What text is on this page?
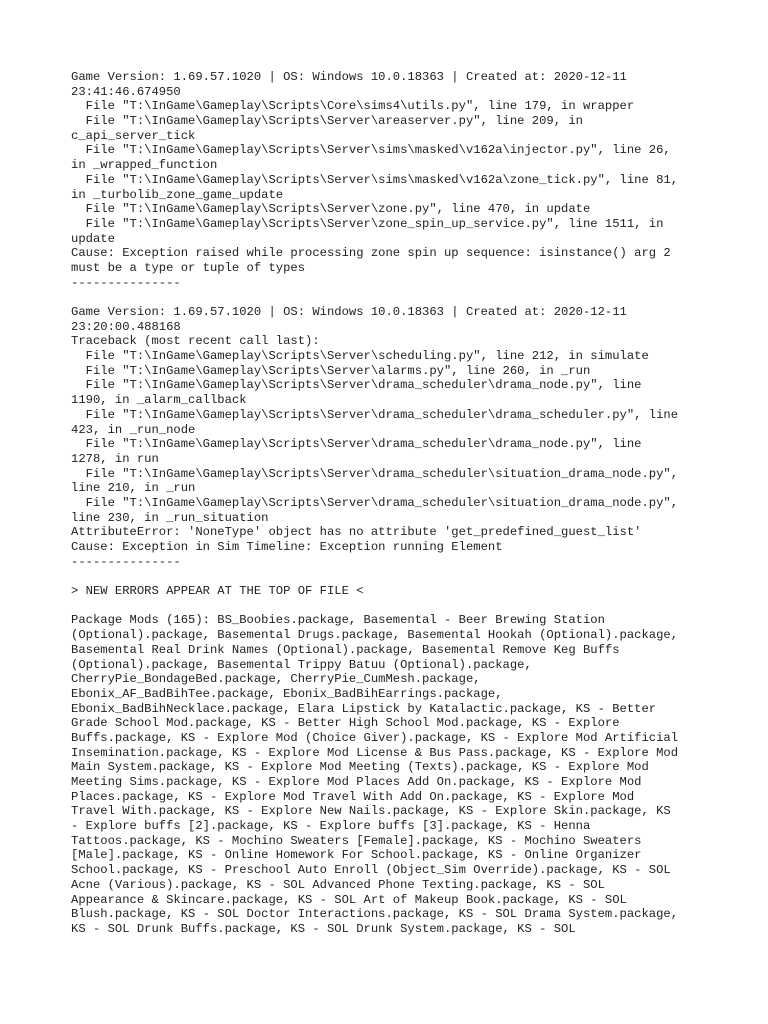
Game Version: 1.69.57.1020 | OS: Windows 10.0.18363 | Created at: 2020-12-11
23:41:46.674950
File "T:\InGame\Gameplay\Scripts\Core\sims4\utils.py", line 179, in wrapper
File "T:\InGame\Gameplay\Scripts\Server\areaserver.py", line 209, in
c_api_server_tick
File "T:\InGame\Gameplay\Scripts\Server\sims\masked\v162a\injector.py", line 26,
in _wrapped_function
File "T:\InGame\Gameplay\Scripts\Server\sims\masked\v162a\zone_tick.py", line 81,
in _turbolib_zone_game_update
File "T:\InGame\Gameplay\Scripts\Server\zone.py", line 470, in update
File "T:\InGame\Gameplay\Scripts\Server\zone_spin_up_service.py", line 1511, in
update
Cause: Exception raised while processing zone spin up sequence: isinstance() arg 2
must be a type or tuple of types
---------------
Game Version: 1.69.57.1020 | OS: Windows 10.0.18363 | Created at: 2020-12-11
23:20:00.488168
Traceback (most recent call last):
File "T:\InGame\Gameplay\Scripts\Server\scheduling.py", line 212, in simulate
File "T:\InGame\Gameplay\Scripts\Server\alarms.py", line 260, in _run
File "T:\InGame\Gameplay\Scripts\Server\drama_scheduler\drama_node.py", line
1190, in _alarm_callback
File "T:\InGame\Gameplay\Scripts\Server\drama_scheduler\drama_scheduler.py", line
423, in _run_node
File "T:\InGame\Gameplay\Scripts\Server\drama_scheduler\drama_node.py", line
1278, in run
File "T:\InGame\Gameplay\Scripts\Server\drama_scheduler\situation_drama_node.py",
line 210, in _run
File "T:\InGame\Gameplay\Scripts\Server\drama_scheduler\situation_drama_node.py",
line 230, in _run_situation
AttributeError: 'NoneType' object has no attribute 'get_predefined_guest_list'
Cause: Exception in Sim Timeline: Exception running Element
---------------
> NEW ERRORS APPEAR AT THE TOP OF FILE <
Package Mods (165): BS_Boobies.package, Basemental - Beer Brewing Station
(Optional).package, Basemental Drugs.package, Basemental Hookah (Optional).package,
Basemental Real Drink Names (Optional).package, Basemental Remove Keg Buffs
(Optional).package, Basemental Trippy Batuu (Optional).package,
CherryPie_BondageBed.package, CherryPie_CumMesh.package,
Ebonix_AF_BadBihTee.package, Ebonix_BadBihEarrings.package,
Ebonix_BadBihNecklace.package, Elara Lipstick by Katalactic.package, KS - Better
Grade School Mod.package, KS - Better High School Mod.package, KS - Explore
Buffs.package, KS - Explore Mod (Choice Giver).package, KS - Explore Mod Artificial
Insemination.package, KS - Explore Mod License & Bus Pass.package, KS - Explore Mod
Main System.package, KS - Explore Mod Meeting (Texts).package, KS - Explore Mod
Meeting Sims.package, KS - Explore Mod Places Add On.package, KS - Explore Mod
Places.package, KS - Explore Mod Travel With Add On.package, KS - Explore Mod
Travel With.package, KS - Explore New Nails.package, KS - Explore Skin.package, KS
- Explore buffs [2].package, KS - Explore buffs [3].package, KS - Henna
Tattoos.package, KS - Mochino Sweaters [Female].package, KS - Mochino Sweaters
[Male].package, KS - Online Homework For School.package, KS - Online Organizer
School.package, KS - Preschool Auto Enroll (Object_Sim Override).package, KS - SOL
Acne (Various).package, KS - SOL Advanced Phone Texting.package, KS - SOL
Appearance & Skincare.package, KS - SOL Art of Makeup Book.package, KS - SOL
Blush.package, KS - SOL Doctor Interactions.package, KS - SOL Drama System.package,
KS - SOL Drunk Buffs.package, KS - SOL Drunk System.package, KS - SOL
